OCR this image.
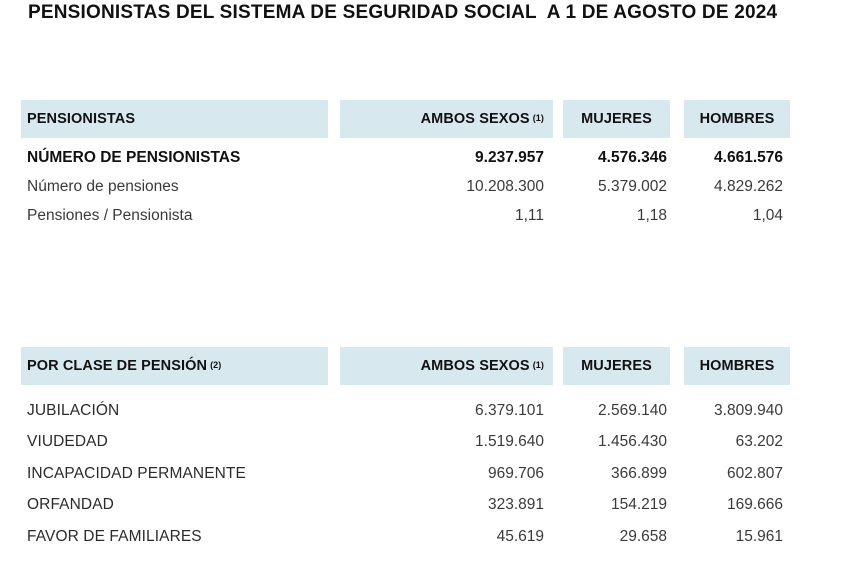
PENSIONISTAS DEL SISTEMA DE SEGURIDAD SOCIAL  A 1 DE AGOSTO DE 2024
PENSIONISTAS	AMBOS SEXOS $^{(1)}$	MUJERES	HOMBRES
NÚMERO DE PENSIONISTAS	9.237.957	4.576.346	4.661.576
Número de pensiones	10.208.300	5.379.002	4.829.262
Pensiones / Pensionista	1,11	1,18	1,04
POR CLASE DE PENSIÓN $^{(2)}$	AMBOS SEXOS $^{(1)}$	MUJERES	HOMBRES
JUBILACIÓN	6.379.101	2.569.140	3.809.940
VIUDEDAD	1.519.640	1.456.430	63.202
INCAPACIDAD PERMANENTE	969.706	366.899	602.807
ORFANDAD	323.891	154.219	169.666
FAVOR DE FAMILIARES	45.619	29.658	15.961
